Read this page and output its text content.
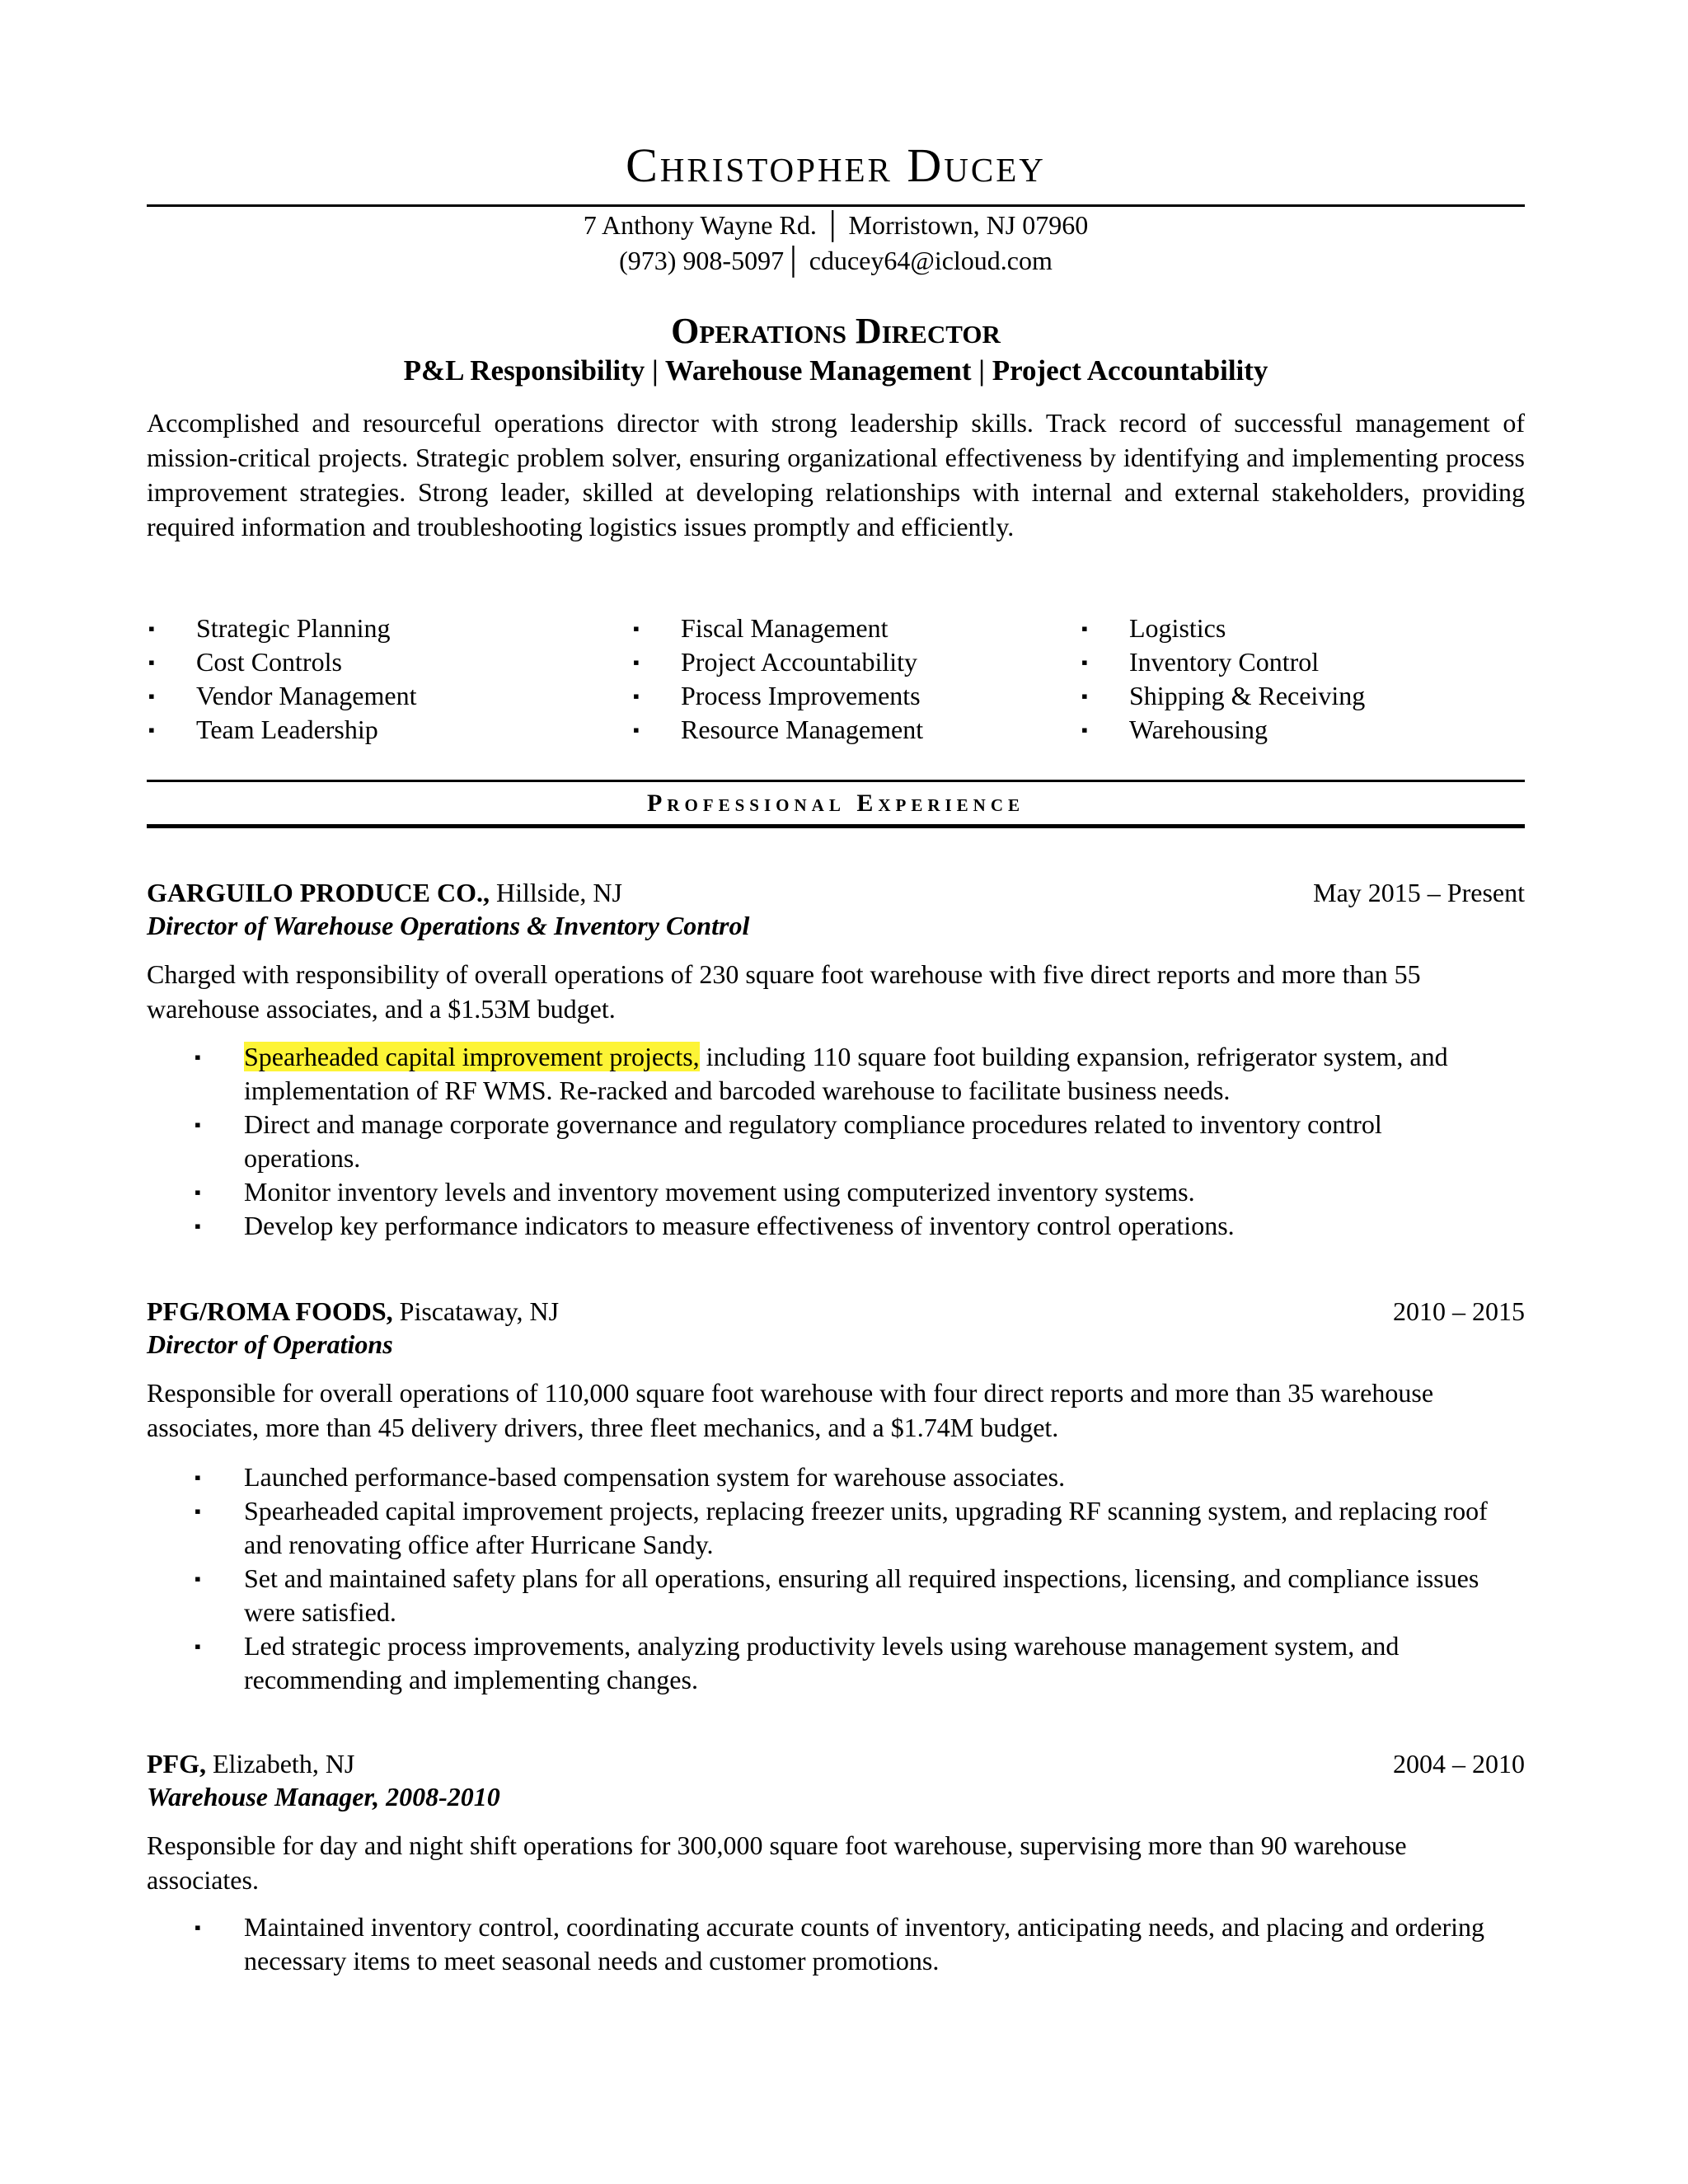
Christopher Ducey
7 Anthony Wayne Rd. │ Morristown, NJ 07960
(973) 908-5097│ cducey64@icloud.com
Operations Director
P&L Responsibility | Warehouse Management | Project Accountability

Accomplished and resourceful operations director with strong leadership skills. Track record of successful management of mission-critical projects. Strategic problem solver, ensuring organizational effectiveness by identifying and implementing process improvement strategies. Strong leader, skilled at developing relationships with internal and external stakeholders, providing required information and troubleshooting logistics issues promptly and efficiently.

▪ Strategic Planning
▪ Cost Controls
▪ Vendor Management
▪ Team Leadership
▪ Fiscal Management
▪ Project Accountability
▪ Process Improvements
▪ Resource Management
▪ Logistics
▪ Inventory Control
▪ Shipping & Receiving
▪ Warehousing
Professional Experience
GARGUILO PRODUCE CO., Hillside, NJ	May 2015 – Present
Director of Warehouse Operations & Inventory Control

Charged with responsibility of overall operations of 230 square foot warehouse with five direct reports and more than 55 warehouse associates, and a $1.53M budget.

▪ Spearheaded capital improvement projects, including 110 square foot building expansion, refrigerator system, and implementation of RF WMS. Re-racked and barcoded warehouse to facilitate business needs.
▪ Direct and manage corporate governance and regulatory compliance procedures related to inventory control operations.
▪ Monitor inventory levels and inventory movement using computerized inventory systems.
▪ Develop key performance indicators to measure effectiveness of inventory control operations.
PFG/ROMA FOODS, Piscataway, NJ	2010 – 2015
Director of Operations

Responsible for overall operations of 110,000 square foot warehouse with four direct reports and more than 35 warehouse associates, more than 45 delivery drivers, three fleet mechanics, and a $1.74M budget.

▪ Launched performance-based compensation system for warehouse associates.
▪ Spearheaded capital improvement projects, replacing freezer units, upgrading RF scanning system, and replacing roof and renovating office after Hurricane Sandy.
▪ Set and maintained safety plans for all operations, ensuring all required inspections, licensing, and compliance issues were satisfied.
▪ Led strategic process improvements, analyzing productivity levels using warehouse management system, and recommending and implementing changes.
PFG, Elizabeth, NJ	2004 – 2010
Warehouse Manager, 2008-2010

Responsible for day and night shift operations for 300,000 square foot warehouse, supervising more than 90 warehouse associates.

▪ Maintained inventory control, coordinating accurate counts of inventory, anticipating needs, and placing and ordering necessary items to meet seasonal needs and customer promotions.
